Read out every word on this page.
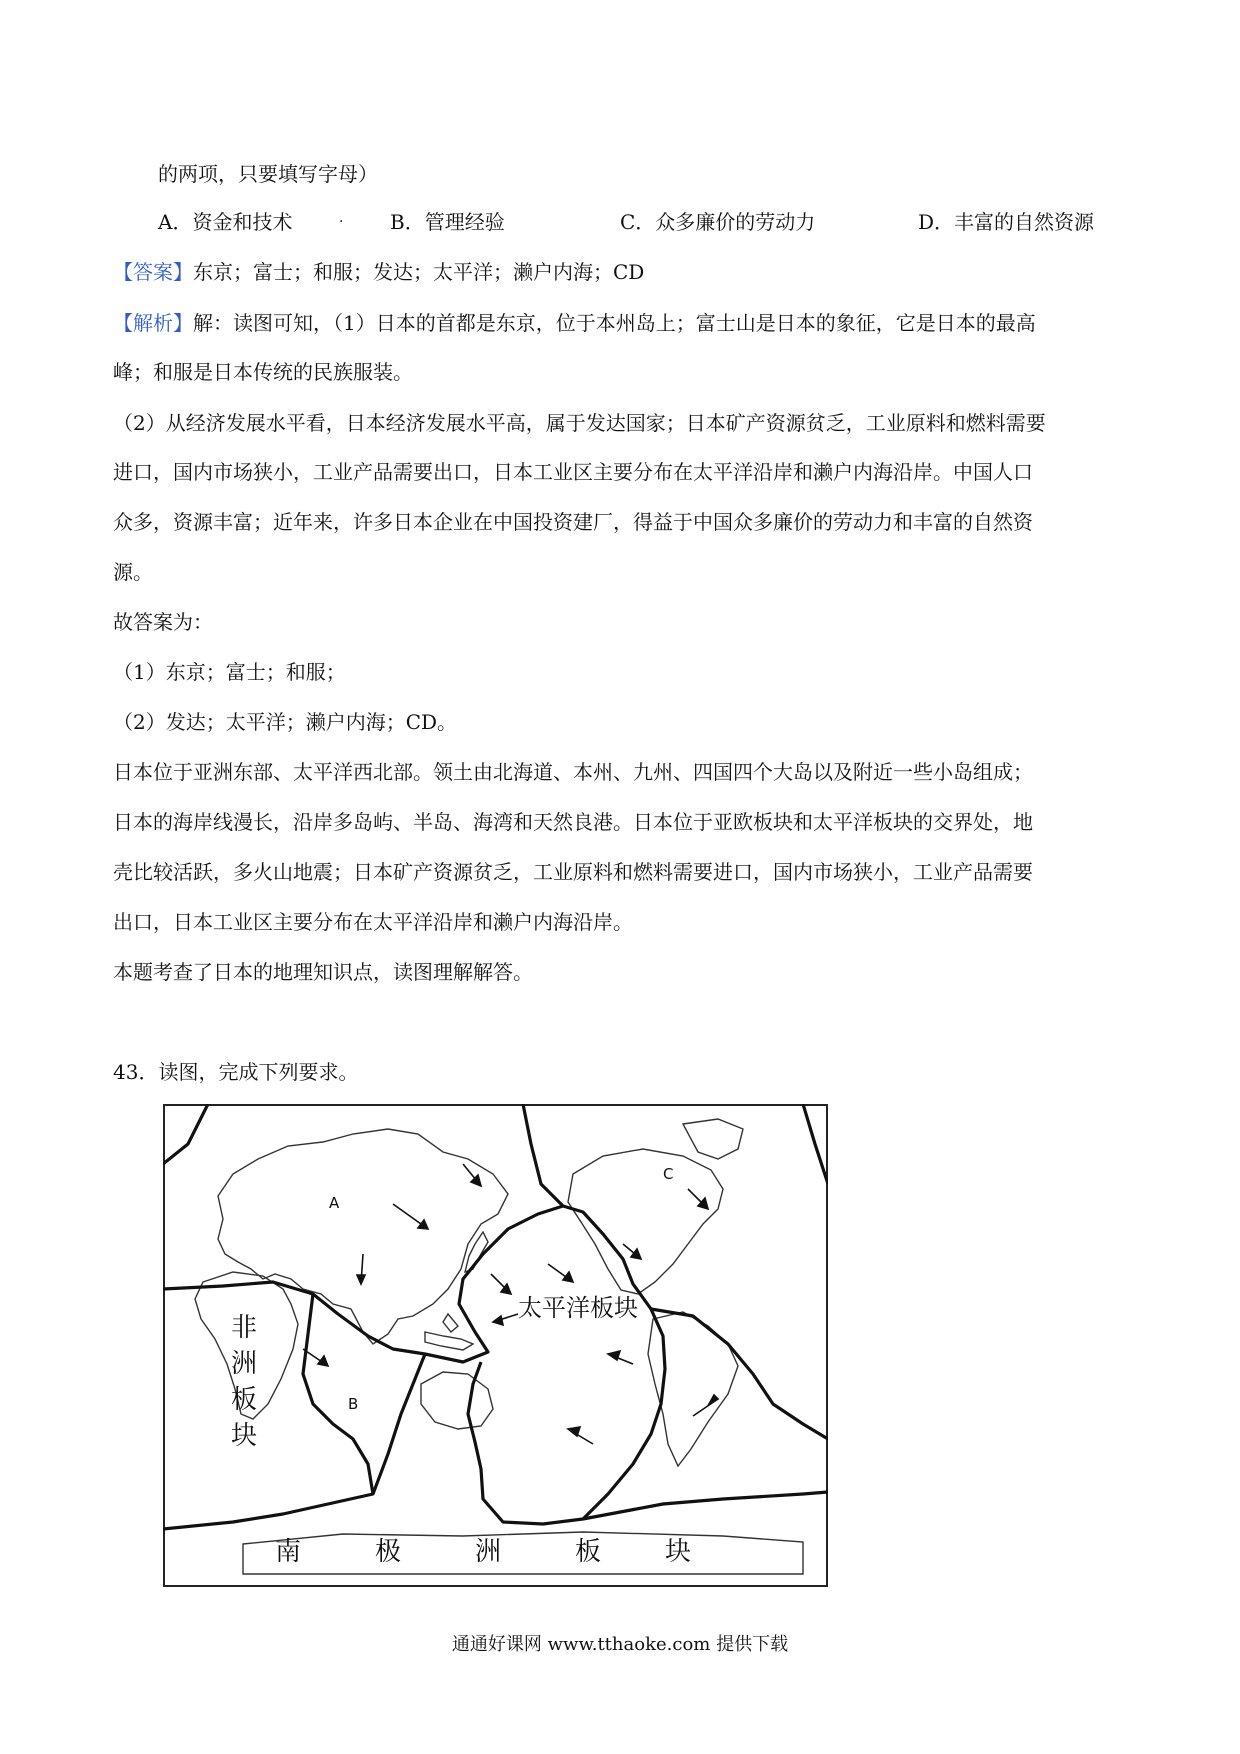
的两项，只要填写字母）
A．资金和技术	· B．管理经验	C．众多廉价的劳动力	D．丰富的自然资源
【答案】东京；富士；和服；发达；太平洋；濑户内海；CD
【解析】解：读图可知，（1）日本的首都是东京，位于本州岛上；富士山是日本的象征，它是日本的最高
峰；和服是日本传统的民族服装。
（2）从经济发展水平看，日本经济发展水平高，属于发达国家；日本矿产资源贫乏，工业原料和燃料需要
进口，国内市场狭小，工业产品需要出口，日本工业区主要分布在太平洋沿岸和濑户内海沿岸。中国人口
众多，资源丰富；近年来，许多日本企业在中国投资建厂，得益于中国众多廉价的劳动力和丰富的自然资
源。
故答案为：
（1）东京；富士；和服；
（2）发达；太平洋；濑户内海；CD。
日本位于亚洲东部、太平洋西北部。领土由北海道、本州、九州、四国四个大岛以及附近一些小岛组成；
日本的海岸线漫长，沿岸多岛屿、半岛、海湾和天然良港。日本位于亚欧板块和太平洋板块的交界处，地
壳比较活跃，多火山地震；日本矿产资源贫乏，工业原料和燃料需要进口，国内市场狭小，工业产品需要
出口，日本工业区主要分布在太平洋沿岸和濑户内海沿岸。
本题考查了日本的地理知识点，读图理解解答。
43．读图，完成下列要求。
A
B
C
非
洲
板
块
太平洋板块
南	极	洲	板 块
通通好课网 www.tthaoke.com 提供下载
